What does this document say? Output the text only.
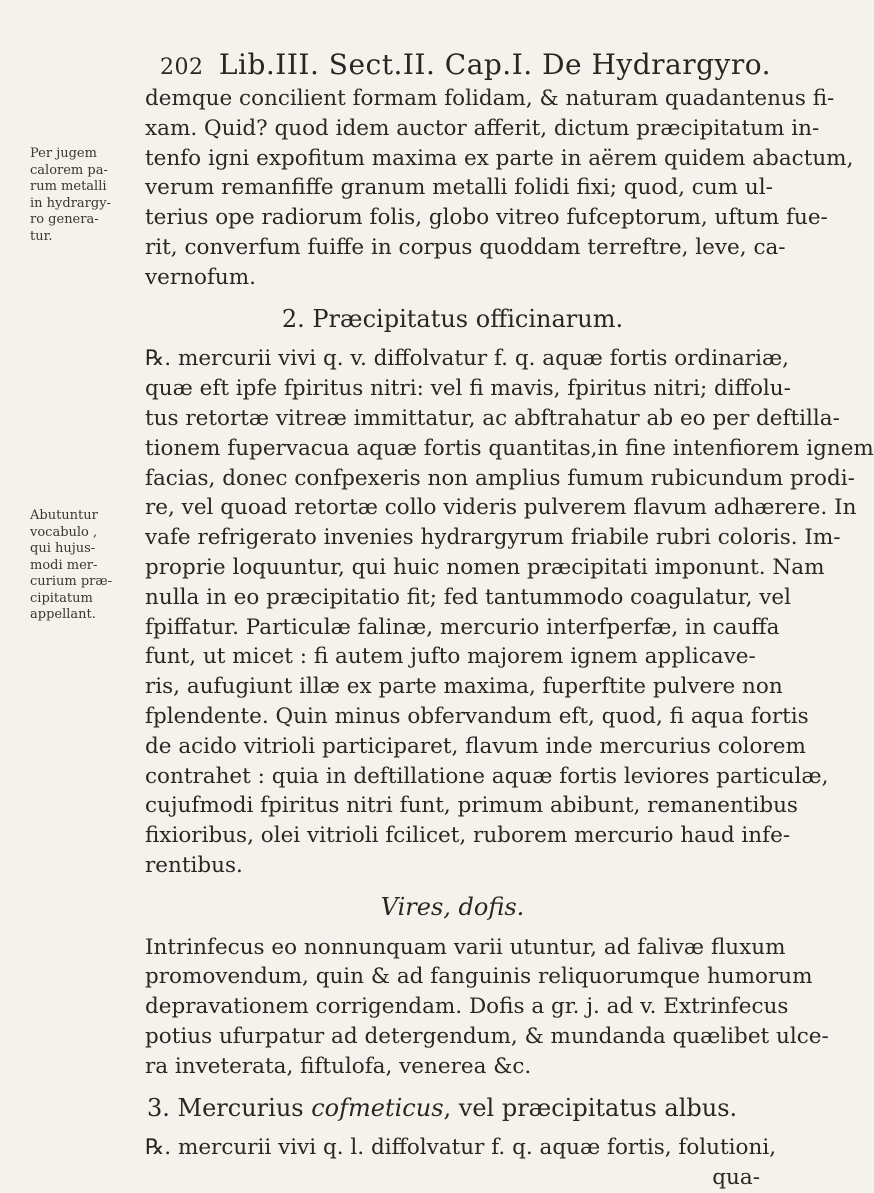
202 Lib.III. Sect.II. Cap.I. De Hydrargyro.
Per jugem
calorem pa-
rum metalli
in hydrargy-
ro genera-
tur.
Abutuntur
vocabulo ,
qui hujus-
modi mer-
curium præ-
cipitatum
appellant.

demque concilient formam folidam, & naturam quadantenus fi-
xam. Quid? quod idem auctor afferit, dictum præcipitatum in-
tenfo igni expofitum maxima ex parte in aërem quidem abactum,
verum remanfiffe granum metalli folidi fixi; quod, cum ul-
terius ope radiorum folis, globo vitreo fufceptorum, uftum fue-
rit, converfum fuiffe in corpus quoddam terreftre, leve, ca-
vernofum.

2. Præcipitatus officinarum.

℞. mercurii vivi q. v. diffolvatur f. q. aquæ fortis ordinariæ,
quæ eft ipfe fpiritus nitri: vel fi mavis, fpiritus nitri; diffolu-
tus retortæ vitreæ immittatur, ac abftrahatur ab eo per deftilla-
tionem fupervacua aquæ fortis quantitas,in fine intenfiorem ignem
facias, donec confpexeris non amplius fumum rubicundum prodi-
re, vel quoad retortæ collo videris pulverem flavum adhærere. In
vafe refrigerato invenies hydrargyrum friabile rubri coloris. Im-
proprie loquuntur, qui huic nomen præcipitati imponunt. Nam
nulla in eo præcipitatio fit; fed tantummodo coagulatur, vel
fpiffatur. Particulæ falinæ, mercurio interfperfæ, in cauffa
funt, ut micet : fi autem jufto majorem ignem applicave-
ris, aufugiunt illæ ex parte maxima, fuperftite pulvere non
fplendente. Quin minus obfervandum eft, quod, fi aqua fortis
de acido vitrioli participaret, flavum inde mercurius colorem
contrahet : quia in deftillatione aquæ fortis leviores particulæ,
cujufmodi fpiritus nitri funt, primum abibunt, remanentibus
fixioribus, olei vitrioli fcilicet, ruborem mercurio haud infe-
rentibus.

Vires, dofis.

Intrinfecus eo nonnunquam varii utuntur, ad falivæ fluxum
promovendum, quin & ad fanguinis reliquorumque humorum
depravationem corrigendam. Dofis a gr. j. ad v. Extrinfecus
potius ufurpatur ad detergendum, & mundanda quælibet ulce-
ra inveterata, fiftulofa, venerea &c.

3. Mercurius cofmeticus, vel præcipitatus albus.

℞. mercurii vivi q. l. diffolvatur f. q. aquæ fortis, folutioni,

qua-
